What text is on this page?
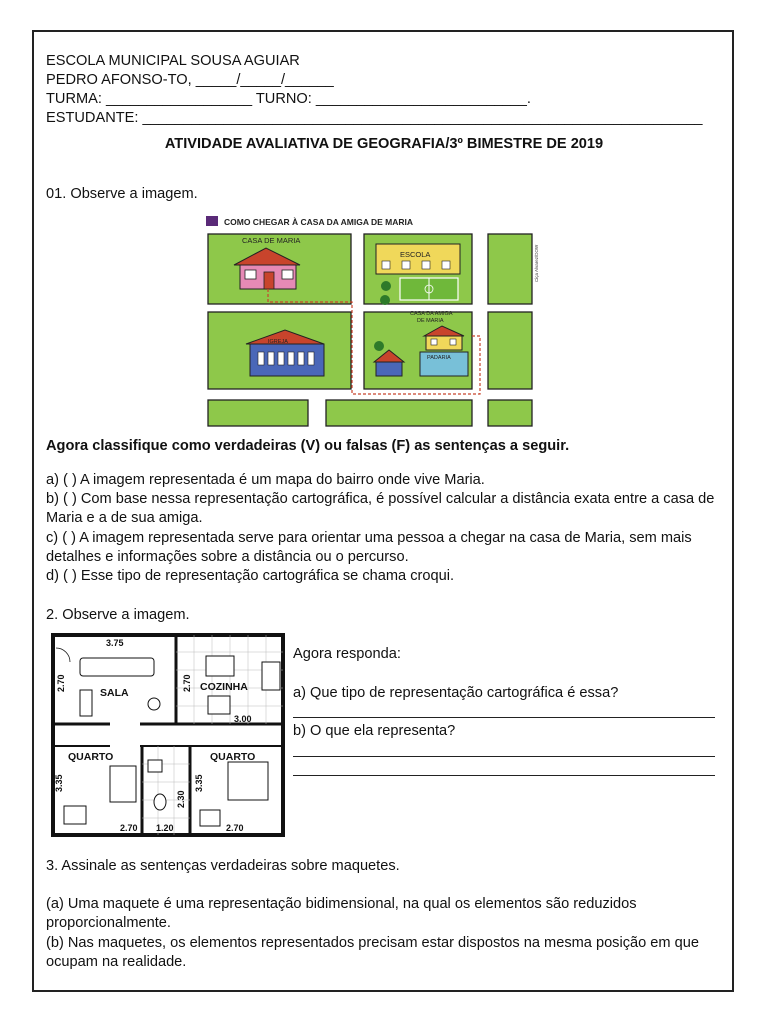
ESCOLA MUNICIPAL SOUSA AGUIAR
PEDRO AFONSO-TO, _____/_____/______
TURMA: __________________ TURNO: __________________________.
ESTUDANTE: _____________________________________________________________________
ATIVIDADE AVALIATIVA DE GEOGRAFIA/3º BIMESTRE DE 2019
01. Observe a imagem.
COMO CHEGAR À CASA DA AMIGA DE MARIA
CASA DE MARIA
IGREJA
ESCOLA
CASA DA AMIGA
DE MARIA
PADARIA
Ciça Alvarez/DOW
Agora classifique como verdadeiras (V) ou falsas (F) as sentenças a seguir.
a) ( ) A imagem representada é um mapa do bairro onde vive Maria.
b) ( ) Com base nessa representação cartográfica, é possível calcular a distância exata entre a casa de Maria e a de sua amiga.
c) ( ) A imagem representada serve para orientar uma pessoa a chegar na casa de Maria, sem mais detalhes e informações sobre a distância ou o percurso.
d) ( ) Esse tipo de representação cartográfica se chama croqui.
2. Observe a imagem.
3.75
2.70	2.70
3.00
3.35
2.30
3.35
2.70 1.20	2.70
SALA	COZINHA
QUARTO	QUARTO
Agora responda:
a) Que tipo de representação cartográfica é essa?
b) O que ela representa?
3. Assinale as sentenças verdadeiras sobre maquetes.
(a) Uma maquete é uma representação bidimensional, na qual os elementos são reduzidos proporcionalmente.
(b) Nas maquetes, os elementos representados precisam estar dispostos na mesma posição em que ocupam na realidade.
